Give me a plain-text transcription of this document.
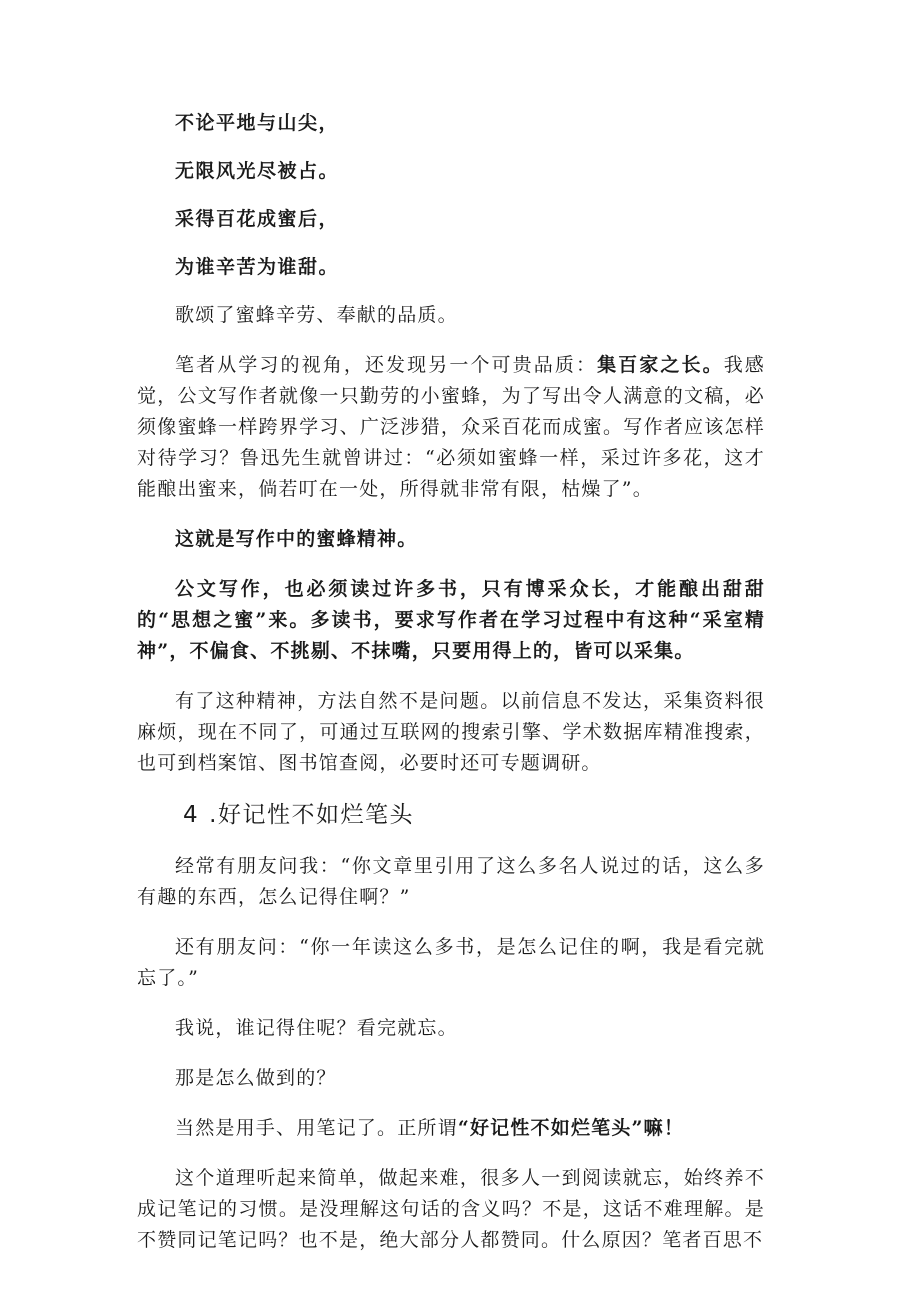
不论平地与山尖，

无限风光尽被占。

采得百花成蜜后，

为谁辛苦为谁甜。

歌颂了蜜蜂辛劳、奉献的品质。

笔者从学习的视角，还发现另一个可贵品质：集百家之长。我感觉，公文写作者就像一只勤劳的小蜜蜂，为了写出令人满意的文稿，必须像蜜蜂一样跨界学习、广泛涉猎，众采百花而成蜜。写作者应该怎样对待学习？鲁迅先生就曾讲过：“必须如蜜蜂一样，采过许多花，这才能酿出蜜来，倘若叮在一处，所得就非常有限，枯燥了”。

这就是写作中的蜜蜂精神。

公文写作，也必须读过许多书，只有博采众长，才能酿出甜甜的“思想之蜜”来。多读书，要求写作者在学习过程中有这种“采室精神”，不偏食、不挑剔、不抹嘴，只要用得上的，皆可以采集。

有了这种精神，方法自然不是问题。以前信息不发达，采集资料很麻烦，现在不同了，可通过互联网的搜索引擎、学术数据库精准搜索，也可到档案馆、图书馆查阅，必要时还可专题调研。

4 .好记性不如烂笔头

经常有朋友问我：“你文章里引用了这么多名人说过的话，这么多有趣的东西，怎么记得住啊？”

还有朋友问：“你一年读这么多书，是怎么记住的啊，我是看完就忘了。”

我说，谁记得住呢？看完就忘。

那是怎么做到的？

当然是用手、用笔记了。正所谓“好记性不如烂笔头”嘛！

这个道理听起来简单，做起来难，很多人一到阅读就忘，始终养不成记笔记的习惯。是没理解这句话的含义吗？不是，这话不难理解。是不赞同记笔记吗？也不是，绝大部分人都赞同。什么原因？笔者百思不
